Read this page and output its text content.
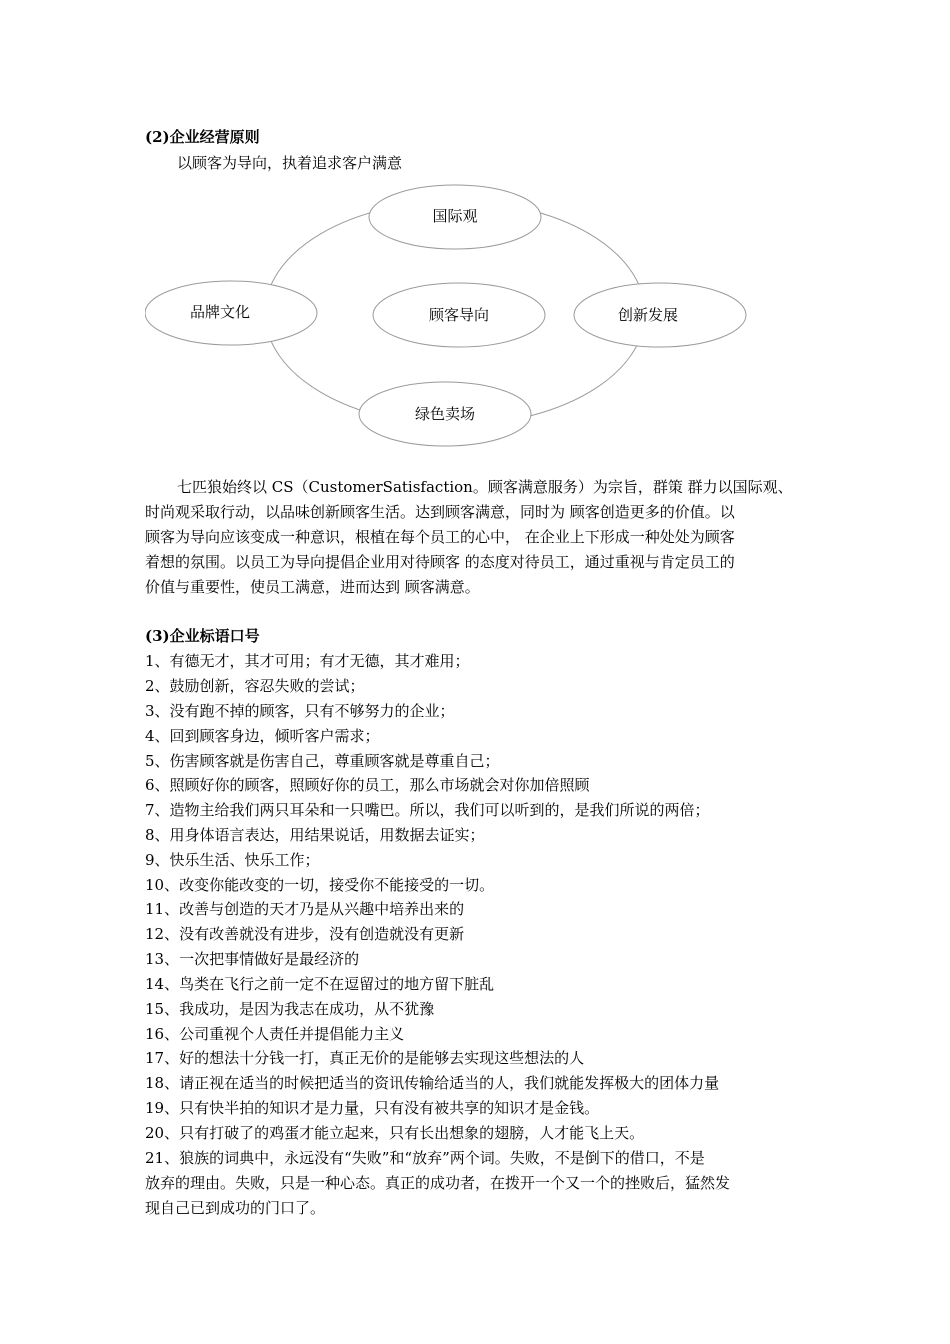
(2)企业经营原则
以顾客为导向，执着追求客户满意
国际观
品牌文化	顾客导向	创新发展
绿色卖场
七匹狼始终以 CS（CustomerSatisfaction。顾客满意服务）为宗旨，群策 群力以国际观、
时尚观采取行动，以品味创新顾客生活。达到顾客满意，同时为 顾客创造更多的价值。以
顾客为导向应该变成一种意识，根植在每个员工的心中， 在企业上下形成一种处处为顾客
着想的氛围。以员工为导向提倡企业用对待顾客 的态度对待员工，通过重视与肯定员工的
价值与重要性，使员工满意，进而达到 顾客满意。
(3)企业标语口号
1、有德无才，其才可用；有才无德，其才难用；
2、鼓励创新，容忍失败的尝试；
3、没有跑不掉的顾客，只有不够努力的企业；
4、回到顾客身边，倾听客户需求；
5、伤害顾客就是伤害自己，尊重顾客就是尊重自己；
6、照顾好你的顾客，照顾好你的员工，那么市场就会对你加倍照顾
7、造物主给我们两只耳朵和一只嘴巴。所以，我们可以听到的，是我们所说的两倍；
8、用身体语言表达，用结果说话，用数据去证实；
9、快乐生活、快乐工作；
10、改变你能改变的一切，接受你不能接受的一切。
11、改善与创造的天才乃是从兴趣中培养出来的
12、没有改善就没有进步，没有创造就没有更新
13、一次把事情做好是最经济的
14、鸟类在飞行之前一定不在逗留过的地方留下脏乱
15、我成功，是因为我志在成功，从不犹豫
16、公司重视个人责任并提倡能力主义
17、好的想法十分钱一打，真正无价的是能够去实现这些想法的人
18、请正视在适当的时候把适当的资讯传输给适当的人，我们就能发挥极大的团体力量
19、只有快半拍的知识才是力量，只有没有被共享的知识才是金钱。
20、只有打破了的鸡蛋才能立起来，只有长出想象的翅膀，人才能飞上天。
21、狼族的词典中，永远没有“失败”和“放弃”两个词。失败，不是倒下的借口，不是
放弃的理由。失败，只是一种心态。真正的成功者，在拨开一个又一个的挫败后，猛然发
现自己已到成功的门口了。
